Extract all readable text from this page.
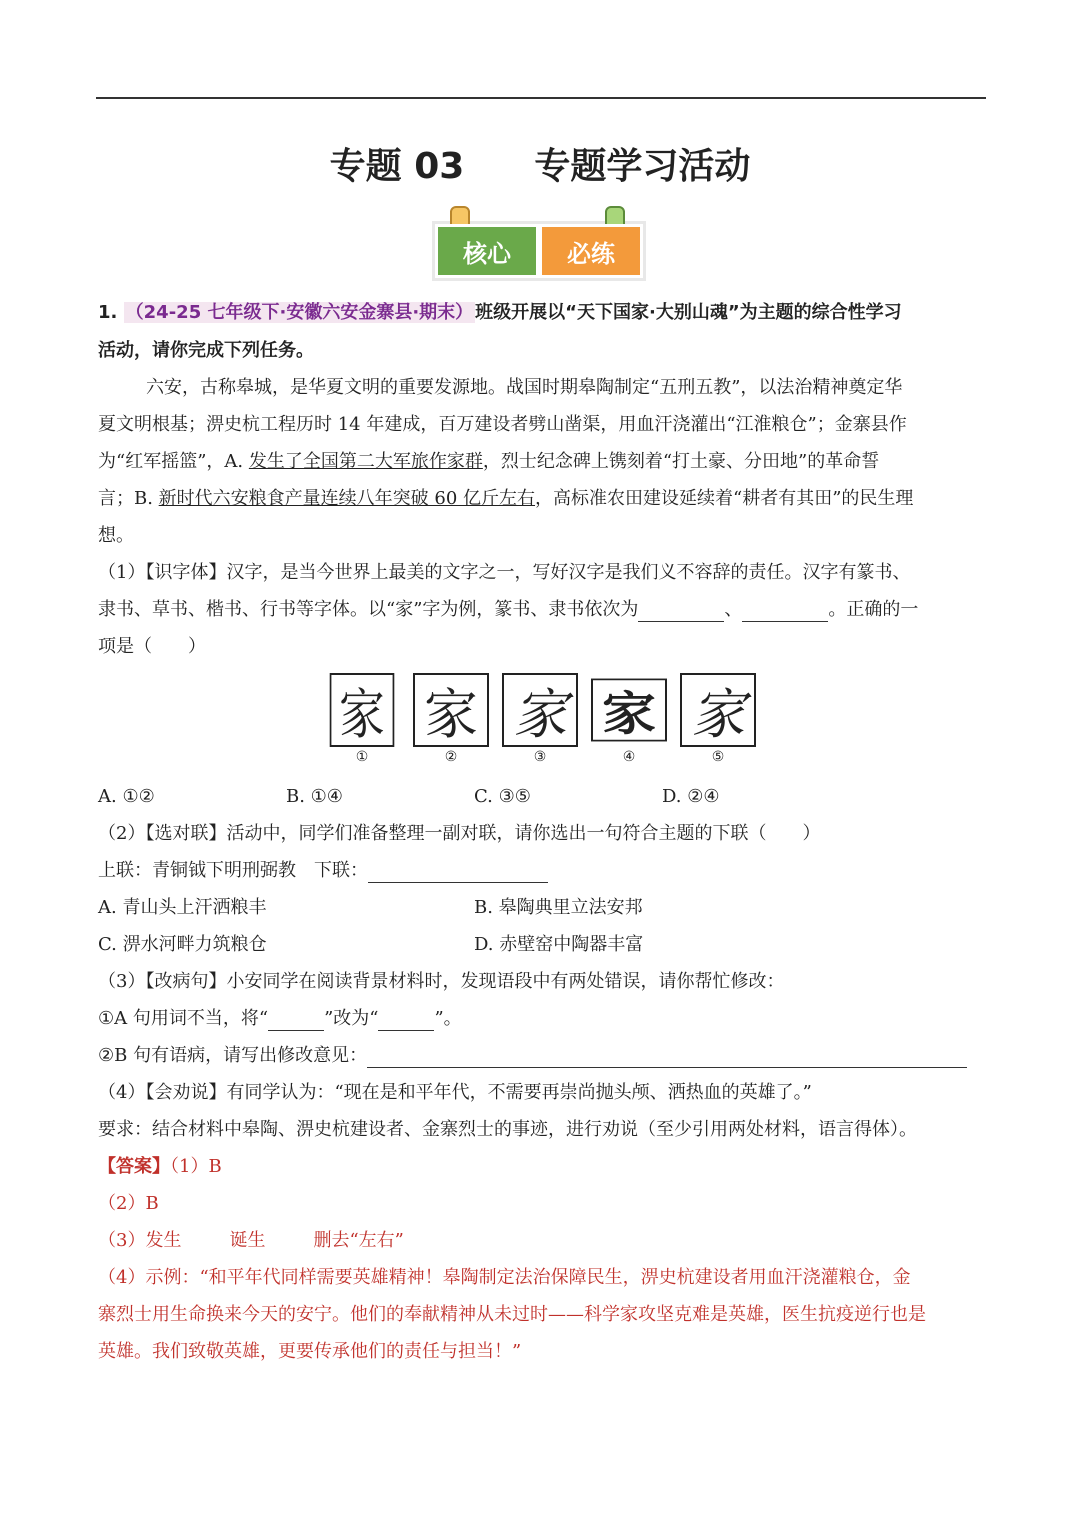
专题 03 专题学习活动
核心	必练
1. （24-25 七年级下·安徽六安金寨县·期末） 班级开展以“天下国家·大别山魂”为主题的综合性学习
活动，请你完成下列任务。
六安，古称皋城，是华夏文明的重要发源地。战国时期皋陶制定“五刑五教”，以法治精神奠定华
夏文明根基；淠史杭工程历时 14 年建成，百万建设者劈山凿渠，用血汗浇灌出“江淮粮仓”；金寨县作
为“红军摇篮”，A. 发生了全国第二大军旅作家群，烈士纪念碑上镌刻着“打土豪、分田地”的革命誓
言；B. 新时代六安粮食产量连续八年突破 60 亿斤左右，高标准农田建设延续着“耕者有其田”的民生理
想。
（1）【识字体】汉字，是当今世界上最美的文字之一，写好汉字是我们义不容辞的责任。汉字有篆书、
隶书、草书、楷书、行书等字体。以“家”字为例，篆书、隶书依次为	、	。正确的一
项是（　　）
家
①
家
②
家
③
家
④
家
⑤
A. ①②	B. ①④	C. ③⑤	D. ②④
（2）【选对联】活动中，同学们准备整理一副对联，请你选出一句符合主题的下联（　　）
上联：青铜钺下明刑弼教　下联：
A. 青山头上汗洒粮丰	B. 皋陶典里立法安邦
C. 淠水河畔力筑粮仓	D. 赤壁窑中陶器丰富
（3）【改病句】小安同学在阅读背景材料时，发现语段中有两处错误，请你帮忙修改：
①A 句用词不当，将“	”改为“	”。
②B 句有语病，请写出修改意见：
（4）【会劝说】有同学认为：“现在是和平年代，不需要再崇尚抛头颅、洒热血的英雄了。”
要求：结合材料中皋陶、淠史杭建设者、金寨烈士的事迹，进行劝说（至少引用两处材料，语言得体）。
【答案】（1）B
（2）B
（3）发生	诞生	删去“左右”
（4）示例：“和平年代同样需要英雄精神！皋陶制定法治保障民生，淠史杭建设者用血汗浇灌粮仓，金
寨烈士用生命换来今天的安宁。他们的奉献精神从未过时——科学家攻坚克难是英雄，医生抗疫逆行也是
英雄。我们致敬英雄，更要传承他们的责任与担当！”
